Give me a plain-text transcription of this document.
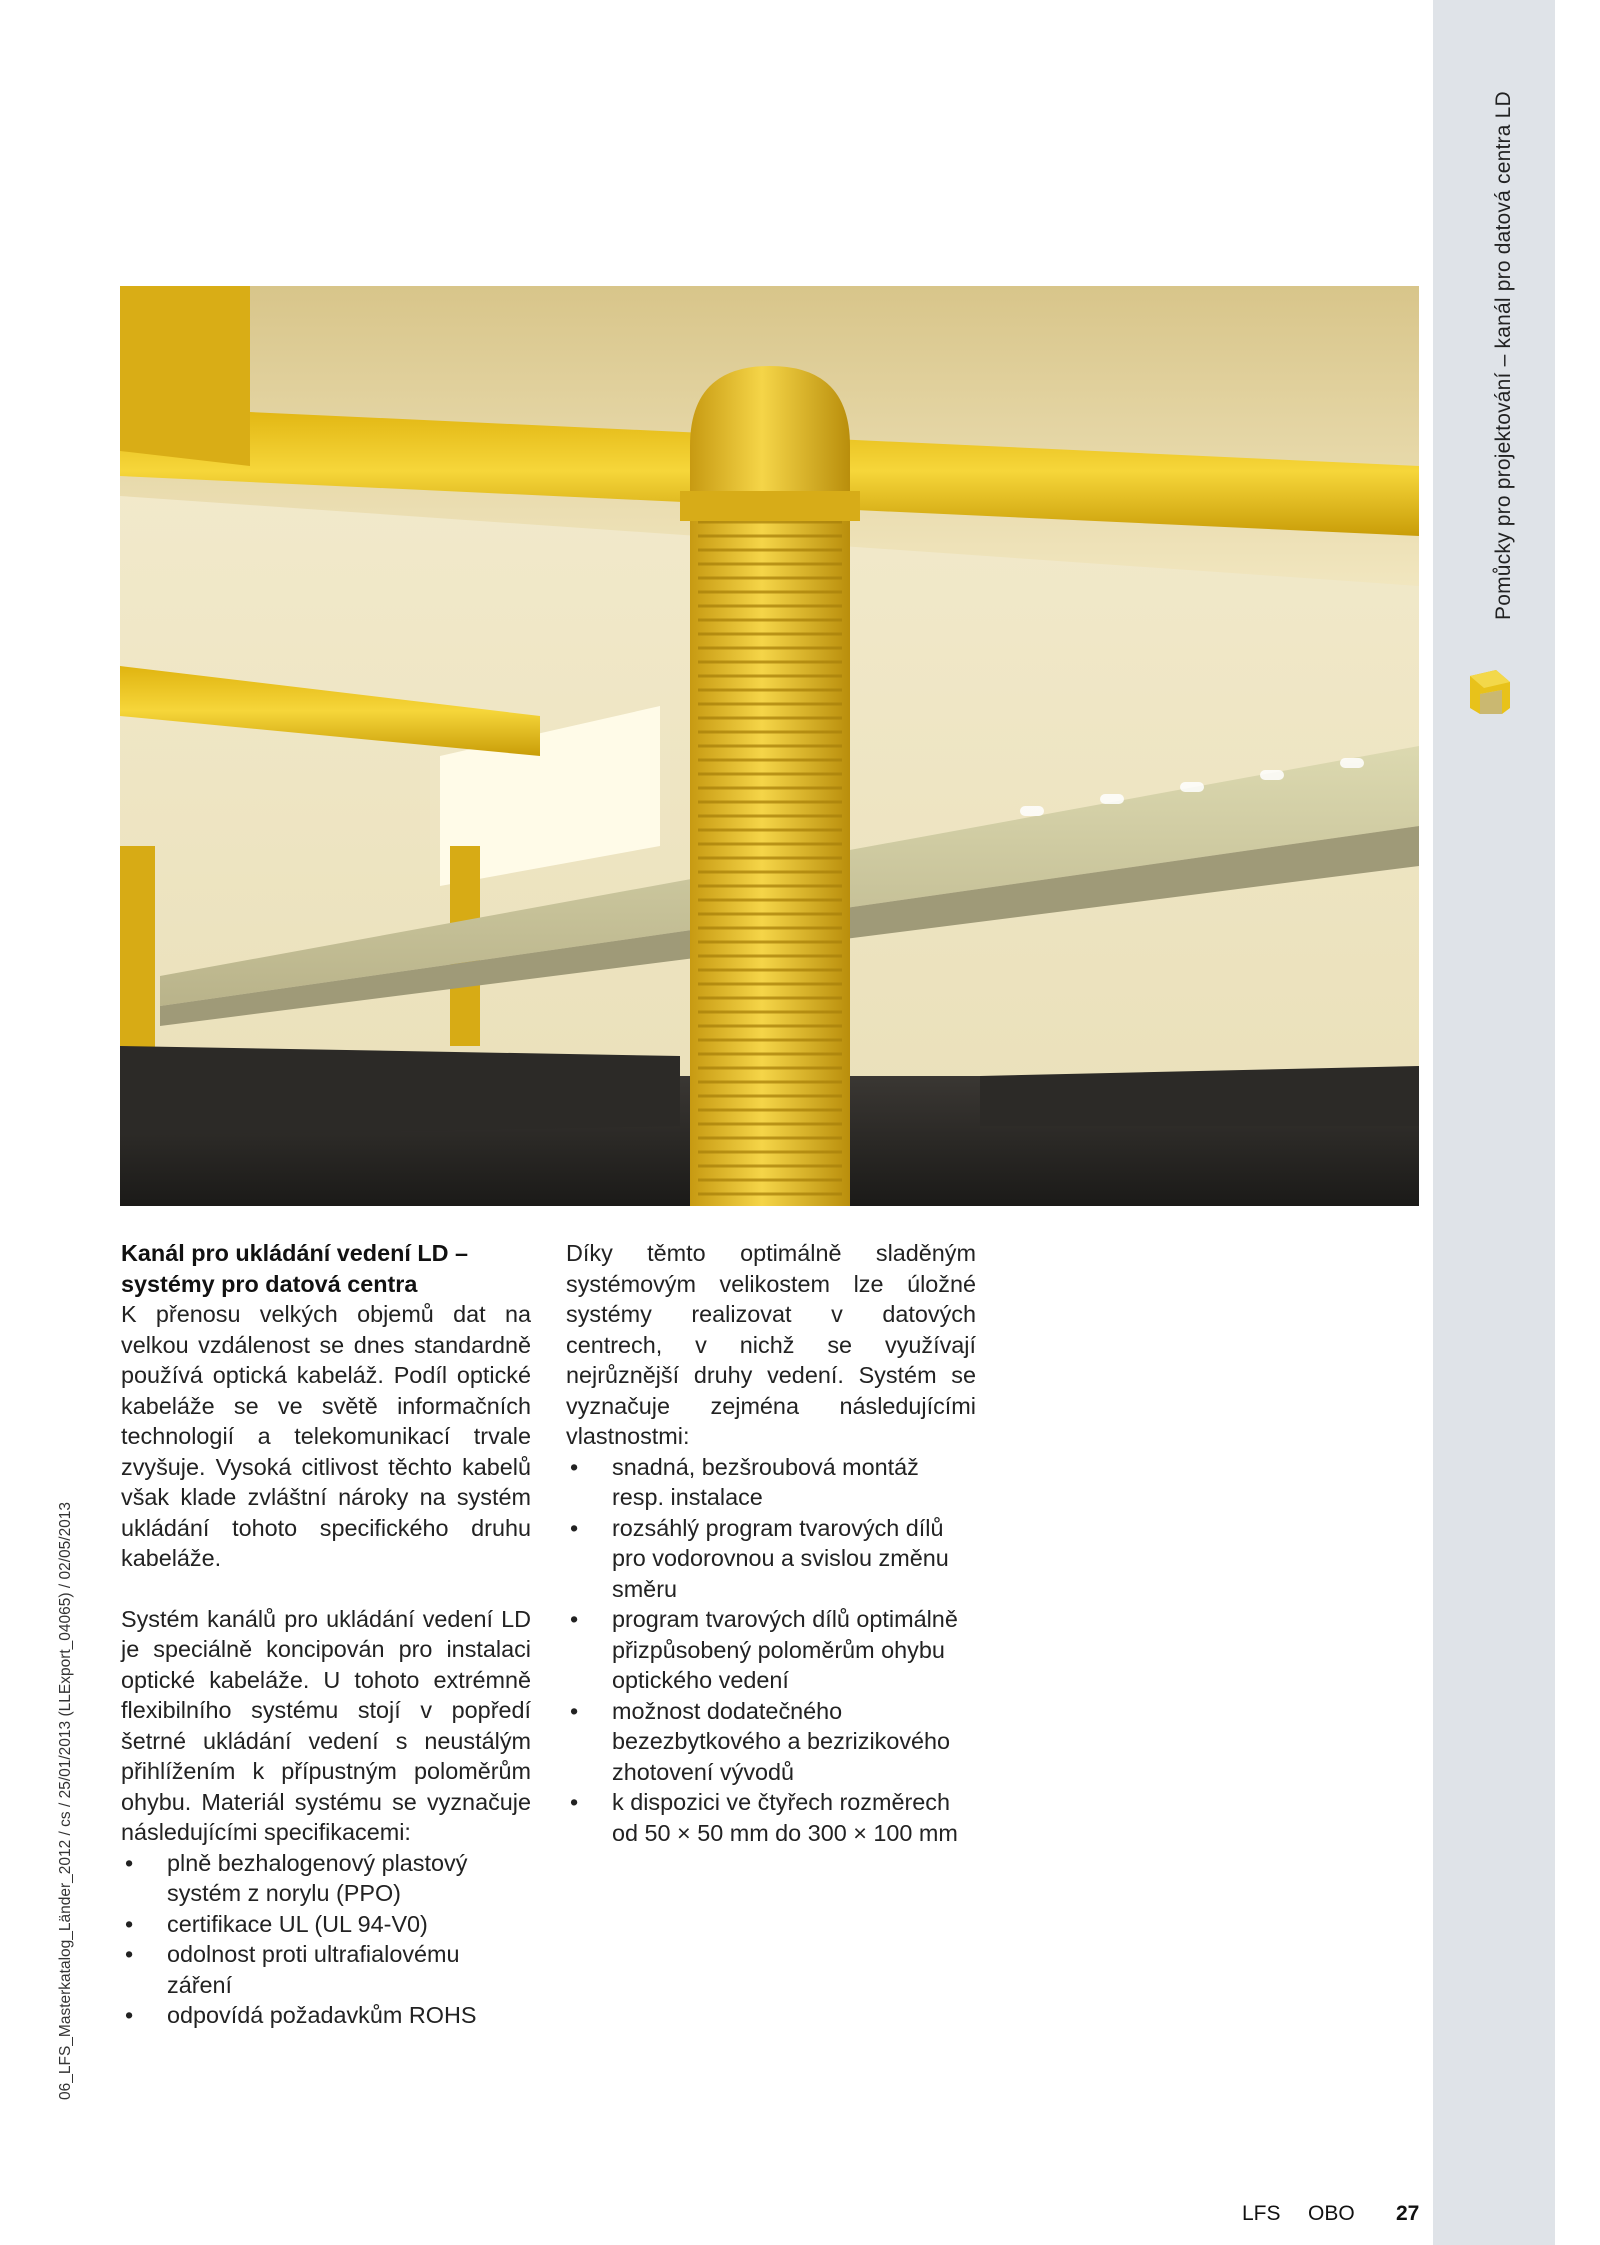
Pomůcky pro projektování – kanál pro datová centra LD
06_LFS_Masterkatalog_Länder_2012 / cs / 25/01/2013 (LLExport_04065) / 02/05/2013
Kanál pro ukládání vedení LD –
systémy pro datová centra

K přenosu velkých objemů dat na velkou vzdálenost se dnes standardně používá optická kabeláž. Podíl optické kabeláže se ve světě informačních technologií a telekomunikací trvale zvyšuje. Vysoká citlivost těchto kabelů však klade zvláštní nároky na systém ukládání tohoto specifického druhu kabeláže.

Systém kanálů pro ukládání vedení LD je speciálně koncipován pro instalaci optické kabeláže. U tohoto extrémně flexibilního systému stojí v popředí šetrné ukládání vedení s neustálým přihlížením k přípustným poloměrům ohybu. Materiál systému se vyznačuje následujícími specifikacemi:

• plně bezhalogenový plastový systém z norylu (PPO)
• certifikace UL (UL 94-V0)
• odolnost proti ultrafialovému záření
• odpovídá požadavkům ROHS

Díky těmto optimálně sladěným systémovým velikostem lze úložné systémy realizovat v datových centrech, v nichž se využívají nejrůznější druhy vedení. Systém se vyznačuje zejména následujícími vlastnostmi:

• snadná, bezšroubová montáž resp. instalace
• rozsáhlý program tvarových dílů pro vodorovnou a svislou změnu směru
• program tvarových dílů optimálně přizpůsobený poloměrům ohybu optického vedení
• možnost dodatečného bezezbytkového a bezrizikového zhotovení vývodů
• k dispozici ve čtyřech rozměrech od 50 × 50 mm do 300 × 100 mm
LFS OBO 27
